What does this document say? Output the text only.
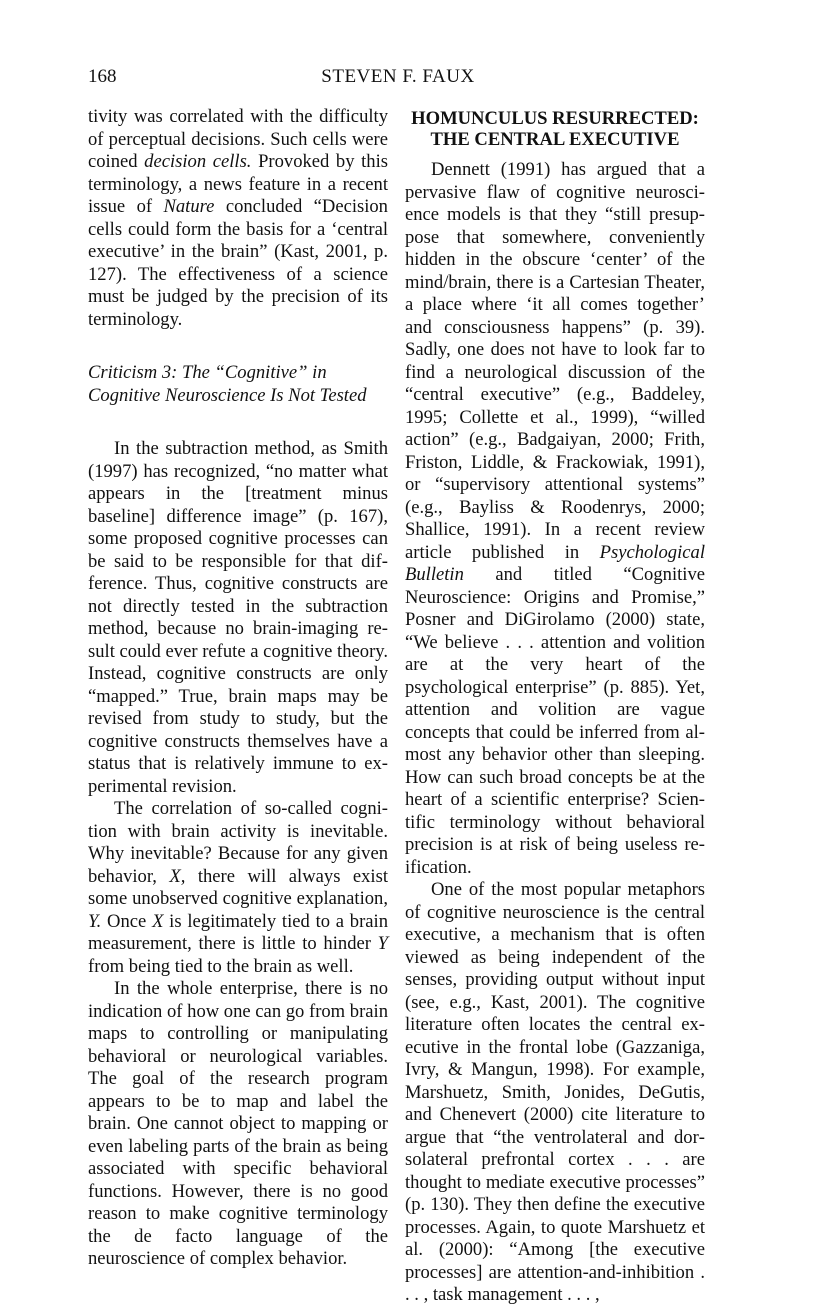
168	STEVEN F. FAUX

tivity was correlated with the difficulty of perceptual decisions. Such cells were coined decision cells. Provoked by this terminology, a news feature in a recent issue of Nature concluded “Decision cells could form the basis for a ‘central executive’ in the brain” (Kast, 2001, p. 127). The effectiveness of a science must be judged by the precision of its terminology.

Criticism 3: The “Cognitive” in
Cognitive Neuroscience Is Not Tested

In the subtraction method, as Smith (1997) has recognized, “no matter what appears in the [treatment minus baseline] difference image” (p. 167), some proposed cognitive processes can be said to be responsible for that difference. Thus, cognitive constructs are not directly tested in the subtraction method, because no brain-imaging result could ever refute a cognitive theory. Instead, cognitive constructs are only “mapped.” True, brain maps may be revised from study to study, but the cognitive constructs themselves have a status that is relatively immune to experimental revision.

The correlation of so-called cognition with brain activity is inevitable. Why inevitable? Because for any given behavior, X, there will always exist some unobserved cognitive explanation, Y. Once X is legitimately tied to a brain measurement, there is little to hinder Y from being tied to the brain as well.

In the whole enterprise, there is no indication of how one can go from brain maps to controlling or manipulating behavioral or neurological variables. The goal of the research program appears to be to map and label the brain. One cannot object to mapping or even labeling parts of the brain as being associated with specific behavioral functions. However, there is no good reason to make cognitive terminology the de facto language of the neuroscience of complex behavior.

HOMUNCULUS RESURRECTED:
THE CENTRAL EXECUTIVE

Dennett (1991) has argued that a pervasive flaw of cognitive neuroscience models is that they “still presuppose that somewhere, conveniently hidden in the obscure ‘center’ of the mind/brain, there is a Cartesian Theater, a place where ‘it all comes together’ and consciousness happens” (p. 39). Sadly, one does not have to look far to find a neurological discussion of the “central executive” (e.g., Baddeley, 1995; Collette et al., 1999), “willed action” (e.g., Badgaiyan, 2000; Frith, Friston, Liddle, & Frackowiak, 1991), or “supervisory attentional systems” (e.g., Bayliss & Roodenrys, 2000; Shallice, 1991). In a recent review article published in Psychological Bulletin and titled “Cognitive Neuroscience: Origins and Promise,” Posner and DiGirolamo (2000) state, “We believe . . . attention and volition are at the very heart of the psychological enterprise” (p. 885). Yet, attention and volition are vague concepts that could be inferred from almost any behavior other than sleeping. How can such broad concepts be at the heart of a scientific enterprise? Scientific terminology without behavioral precision is at risk of being useless reification.

One of the most popular metaphors of cognitive neuroscience is the central executive, a mechanism that is often viewed as being independent of the senses, providing output without input (see, e.g., Kast, 2001). The cognitive literature often locates the central executive in the frontal lobe (Gazzaniga, Ivry, & Mangun, 1998). For example, Marshuetz, Smith, Jonides, DeGutis, and Chenevert (2000) cite literature to argue that “the ventrolateral and dorsolateral prefrontal cortex . . . are thought to mediate executive processes” (p. 130). They then define the executive processes. Again, to quote Marshuetz et al. (2000): “Among [the executive processes] are attention-and-inhibition . . . , task management . . . ,
